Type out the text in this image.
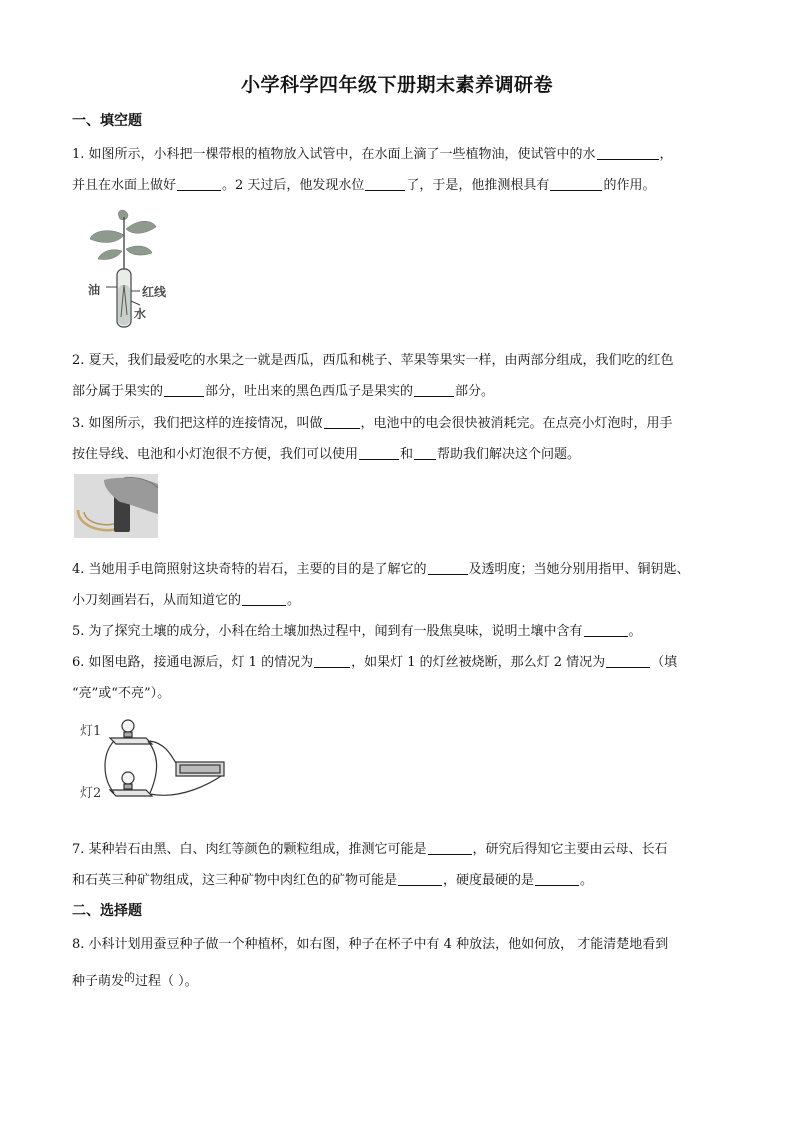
小学科学四年级下册期末素养调研卷
一、填空题
1. 如图所示，小科把一棵带根的植物放入试管中，在水面上滴了一些植物油，使试管中的水	，
并且在水面上做好	。2 天过后，他发现水位	了，于是，他推测根具有	的作用。
油	红线
水
2. 夏天，我们最爱吃的水果之一就是西瓜，西瓜和桃子、苹果等果实一样，由两部分组成，我们吃的红色
部分属于果实的	部分，吐出来的黑色西瓜子是果实的	部分。
3. 如图所示，我们把这样的连接情况，叫做	，电池中的电会很快被消耗完。在点亮小灯泡时，用手
按住导线、电池和小灯泡很不方便，我们可以使用	和 帮助我们解决这个问题。
4. 当她用手电筒照射这块奇特的岩石，主要的目的是了解它的	及透明度；当她分别用指甲、铜钥匙、
小刀刻画岩石，从而知道它的	。
5. 为了探究土壤的成分，小科在给土壤加热过程中，闻到有一股焦臭味，说明土壤中含有	。
6. 如图电路，接通电源后，灯 1 的情况为	，如果灯 1 的灯丝被烧断，那么灯 2 情况为	（填
“亮”或“不亮”）。
灯1
灯2
7. 某种岩石由黑、白、肉红等颜色的颗粒组成，推测它可能是	，研究后得知它主要由云母、长石
和石英三种矿物组成，这三种矿物中肉红色的矿物可能是	，硬度最硬的是	。
二、选择题
8. 小科计划用蚕豆种子做一个种植杯，如右图，种子在杯子中有 4 种放法，他如何放， 才能清楚地看到
种子萌发$^的$过程（ ）。
